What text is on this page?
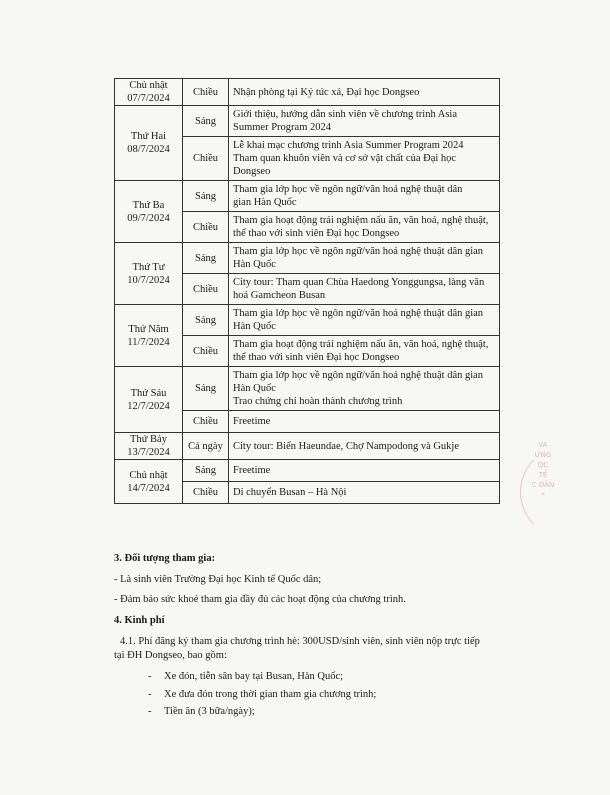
Chủ nhật
07/7/2024	Chiều	Nhận phòng tại Ký túc xá, Đại học Dongseo

Thứ Hai
08/7/2024	Sáng	Giới thiệu, hướng dẫn sinh viên về chương trình Asia
Summer Program 2024

	Chiều	Lễ khai mạc chương trình Asia Summer Program 2024
Tham quan khuôn viên và cơ sở vật chất của Đại học
Dongseo

Thứ Ba
09/7/2024	Sáng	Tham gia lớp học về ngôn ngữ/văn hoá nghệ thuật dân
gian Hàn Quốc

	Chiều	Tham gia hoạt động trải nghiệm nấu ăn, văn hoá, nghệ thuật,
thể thao với sinh viên Đại học Dongseo

Thứ Tư
10/7/2024	Sáng	Tham gia lớp học về ngôn ngữ/văn hoá nghệ thuật dân gian
Hàn Quốc

	Chiều	City tour: Tham quan Chùa Haedong Yonggungsa, làng văn
hoá Gamcheon Busan

Thứ Năm
11/7/2024	Sáng	Tham gia lớp học về ngôn ngữ/văn hoá nghệ thuật dân gian
Hàn Quốc

	Chiều	Tham gia hoạt động trải nghiệm nấu ăn, văn hoá, nghệ thuật,
thể thao với sinh viên Đại học Dongseo

Thứ Sáu
12/7/2024	Sáng	Tham gia lớp học về ngôn ngữ/văn hoá nghệ thuật dân gian
Hàn Quốc
Trao chứng chỉ hoàn thành chương trình

	Chiều	Freetime

Thứ Bảy
13/7/2024	Cả ngày	City tour: Biển Haeundae, Chợ Nampodong và Gukje

Chủ nhật
14/7/2024	Sáng	Freetime

	Chiều	Di chuyển Busan – Hà Nội
3. Đối tượng tham gia:
- Là sinh viên Trường Đại học Kinh tế Quốc dân;
- Đảm bảo sức khoẻ tham gia đầy đủ các hoạt động của chương trình.
4. Kinh phí
4.1. Phí đăng ký tham gia chương trình hè: 300USD/sinh viên, sinh viên nộp trực tiếp
tại ĐH Dongseo, bao gồm:
- Xe đón, tiễn sân bay tại Busan, Hàn Quốc;
- Xe đưa đón trong thời gian tham gia chương trình;
- Tiền ăn (3 bữa/ngày);
VA
ƯNG
ỌC
TẾ
C DÂN
*
